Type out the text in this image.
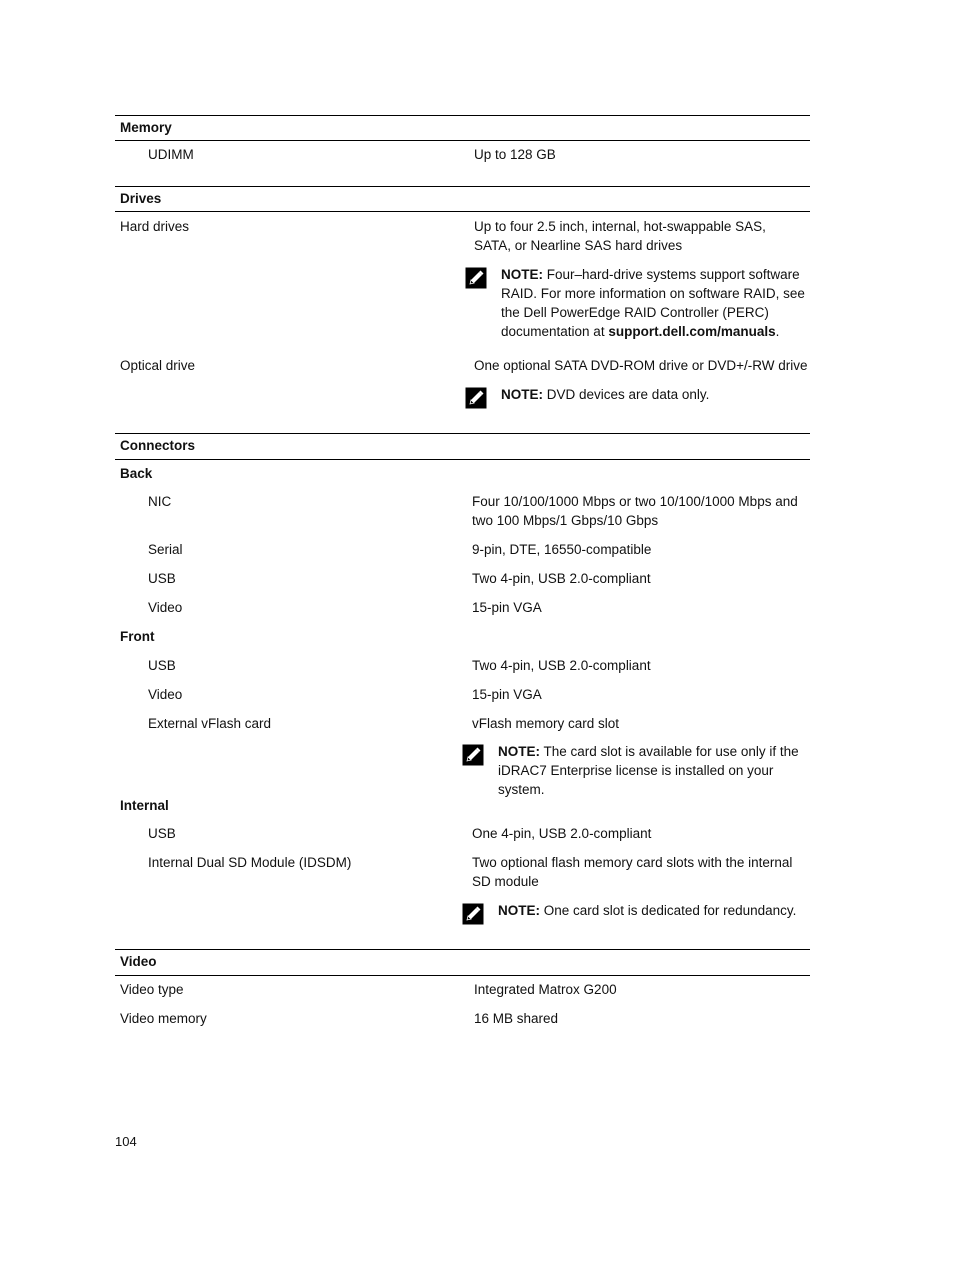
Memory
UDIMM	Up to 128 GB
Drives
Hard drives	Up to four 2.5 inch, internal, hot-swappable SAS, SATA, or Nearline SAS hard drives
NOTE: Four–hard-drive systems support software RAID. For more information on software RAID, see the Dell PowerEdge RAID Controller (PERC) documentation at support.dell.com/manuals.
Optical drive	One optional SATA DVD-ROM drive or DVD+/-RW drive
NOTE: DVD devices are data only.
Connectors
Back
NIC	Four 10/100/1000 Mbps or two 10/100/1000 Mbps and two 100 Mbps/1 Gbps/10 Gbps
Serial	9-pin, DTE, 16550-compatible
USB	Two 4-pin, USB 2.0-compliant
Video	15-pin VGA
Front
USB	Two 4-pin, USB 2.0-compliant
Video	15-pin VGA
External vFlash card	vFlash memory card slot
NOTE: The card slot is available for use only if the iDRAC7 Enterprise license is installed on your system.
Internal
USB	One 4-pin, USB 2.0-compliant
Internal Dual SD Module (IDSDM)	Two optional flash memory card slots with the internal SD module
NOTE: One card slot is dedicated for redundancy.
Video
Video type	Integrated Matrox G200
Video memory	16 MB shared
104
